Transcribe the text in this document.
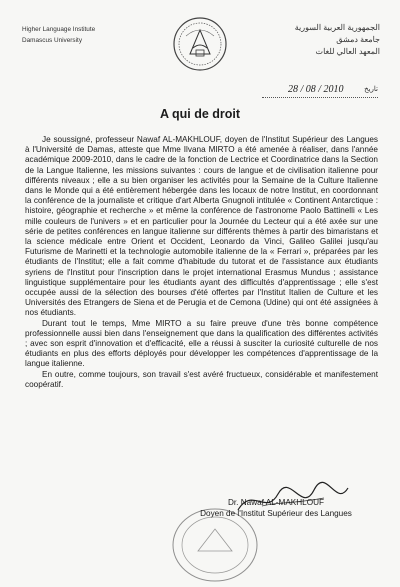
Higher Language Institute
Damascus University
الجمهورية العربية السورية
جامعة دمشق
المعهد العالي للغات
28 / 08 / 2010	تاريخ
A qui de droit

Je soussigné, professeur Nawaf AL-MAKHLOUF, doyen de l'Institut Supérieur des Langues à l'Université de Damas, atteste que Mme Ilvana MIRTO a été amenée à réaliser, dans l'année académique 2009-2010, dans le cadre de la fonction de Lectrice et Coordinatrice dans la Section de la Langue Italienne, les missions suivantes : cours de langue et de civilisation italienne pour différents niveaux ; elle a su bien organiser les activités pour la Semaine de la Culture Italienne dans le Monde qui a été entièrement hébergée dans les locaux de notre Institut, en coordonnant la conférence de la journaliste et critique d'art Alberta Gnugnoli intitulée « Continent Antarctique : histoire, géographie et recherche » et même la conférence de l'astronome Paolo Battinelli « Les mille couleurs de l'univers » et en particulier pour la Journée du Lecteur qui a été axée sur une série de petites conférences en langue italienne sur différents thèmes à partir des bimaristans et la science médicale entre Orient et Occident, Leonardo da Vinci, Galileo Galilei jusqu'au Futurisme de Marinetti et la technologie automobile italienne de la « Ferrari », préparées par les étudiants de l'Institut; elle a fait comme d'habitude du tutorat et de l'assistance aux étudiants syriens de l'Institut pour l'inscription dans le projet international Erasmus Mundus ; assistance linguistique supplémentaire pour les étudiants ayant des difficultés d'apprentissage ; elle s'est occupée aussi de la sélection des bourses d'été offertes par l'Institut Italien de Culture et les Universités des Etrangers de Siena et de Perugia et de Cemona (Udine) qui ont été assignées à nos étudiants.

Durant tout le temps, Mme MIRTO a su faire preuve d'une très bonne compétence professionnelle aussi bien dans l'enseignement que dans la qualification des différentes activités ; avec son esprit d'innovation et d'efficacité, elle a réussi à susciter la curiosité culturelle de nos étudiants en plus des efforts déployés pour développer les compétences d'apprentissage de la langue italienne.

En outre, comme toujours, son travail s'est avéré fructueux, considérable et manifestement coopératif.

Dr. Nawaf AL-MAKHLOUF
Doyen de l'Institut Supérieur des Langues
